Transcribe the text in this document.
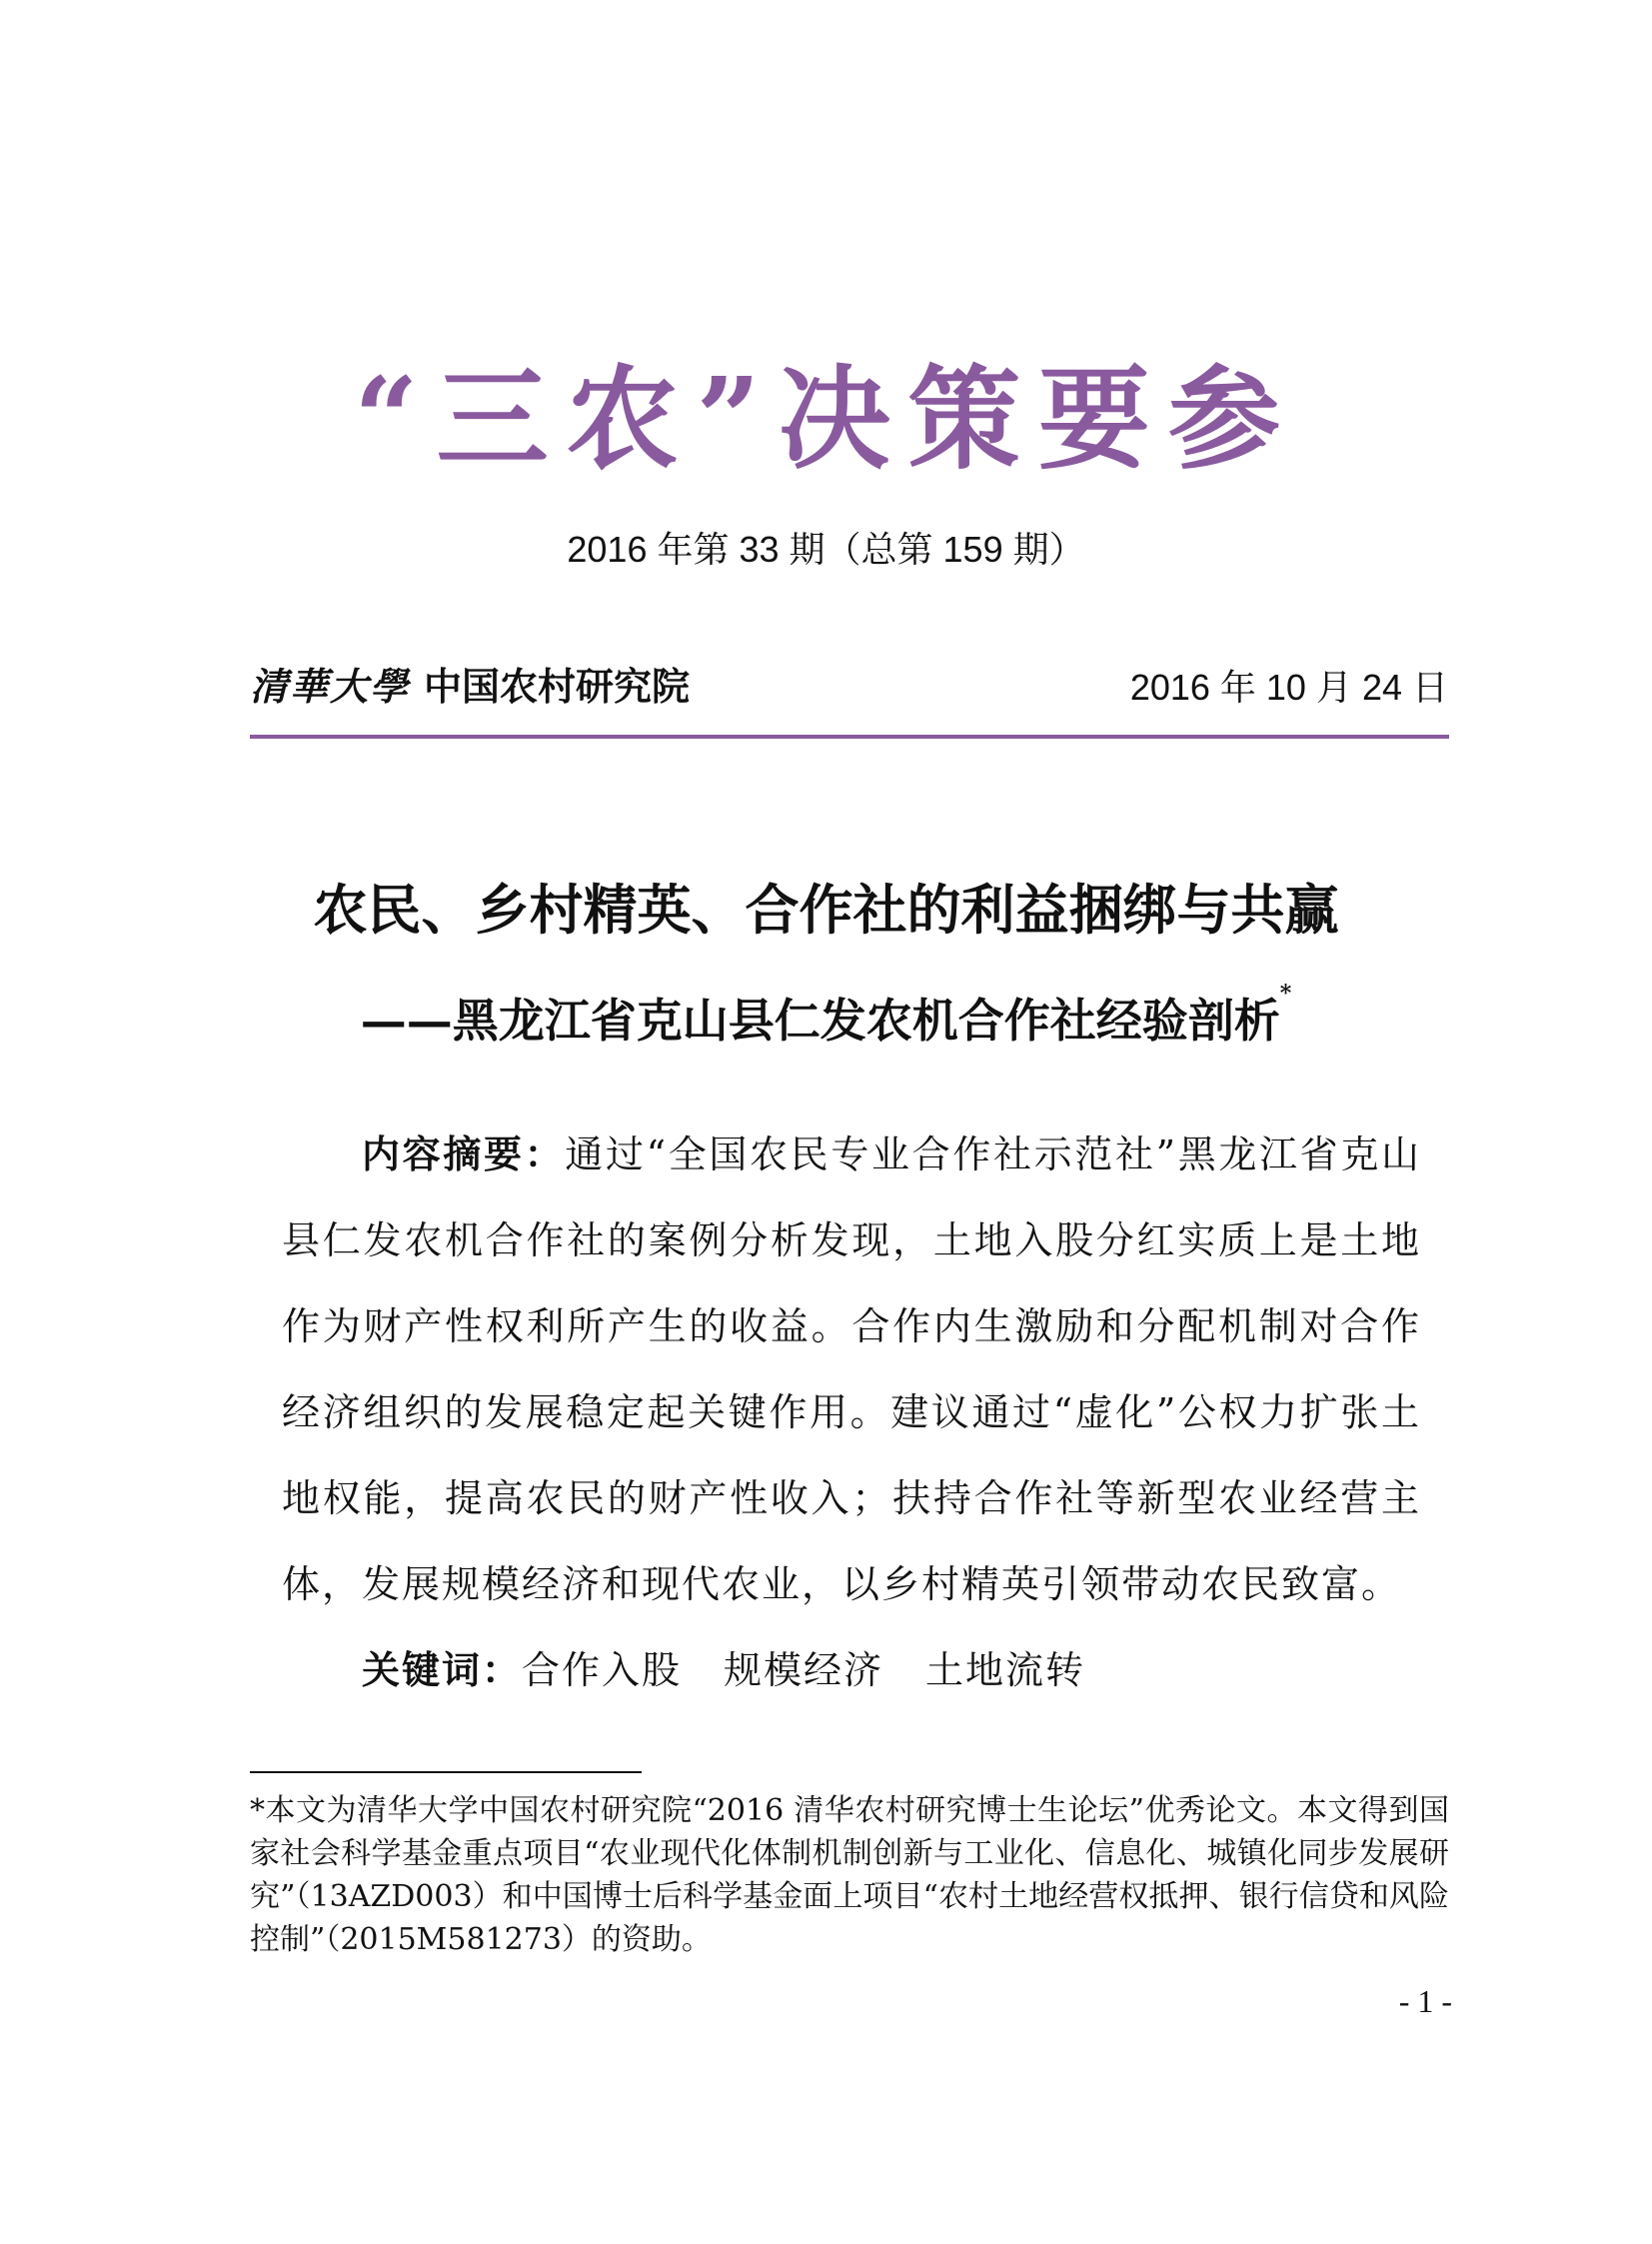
“三农”决策要参
2016 年第 33 期（总第 159 期）
清華大學 中国农村研究院	2016 年 10 月 24 日
农民、乡村精英、合作社的利益捆绑与共赢
——黑龙江省克山县仁发农机合作社经验剖析*
内容摘要：通过“全国农民专业合作社示范社”黑龙江省克山县仁发农机合作社的案例分析发现，土地入股分红实质上是土地作为财产性权利所产生的收益。合作内生激励和分配机制对合作经济组织的发展稳定起关键作用。建议通过“虚化”公权力扩张土地权能，提高农民的财产性收入；扶持合作社等新型农业经营主体，发展规模经济和现代农业，以乡村精英引领带动农民致富。
关键词：合作入股 规模经济 土地流转
*本文为清华大学中国农村研究院“2016 清华农村研究博士生论坛”优秀论文。本文得到国家社会科学基金重点项目“农业现代化体制机制创新与工业化、信息化、城镇化同步发展研究”（13AZD003）和中国博士后科学基金面上项目“农村土地经营权抵押、银行信贷和风险控制”（2015M581273）的资助。
- 1 -
